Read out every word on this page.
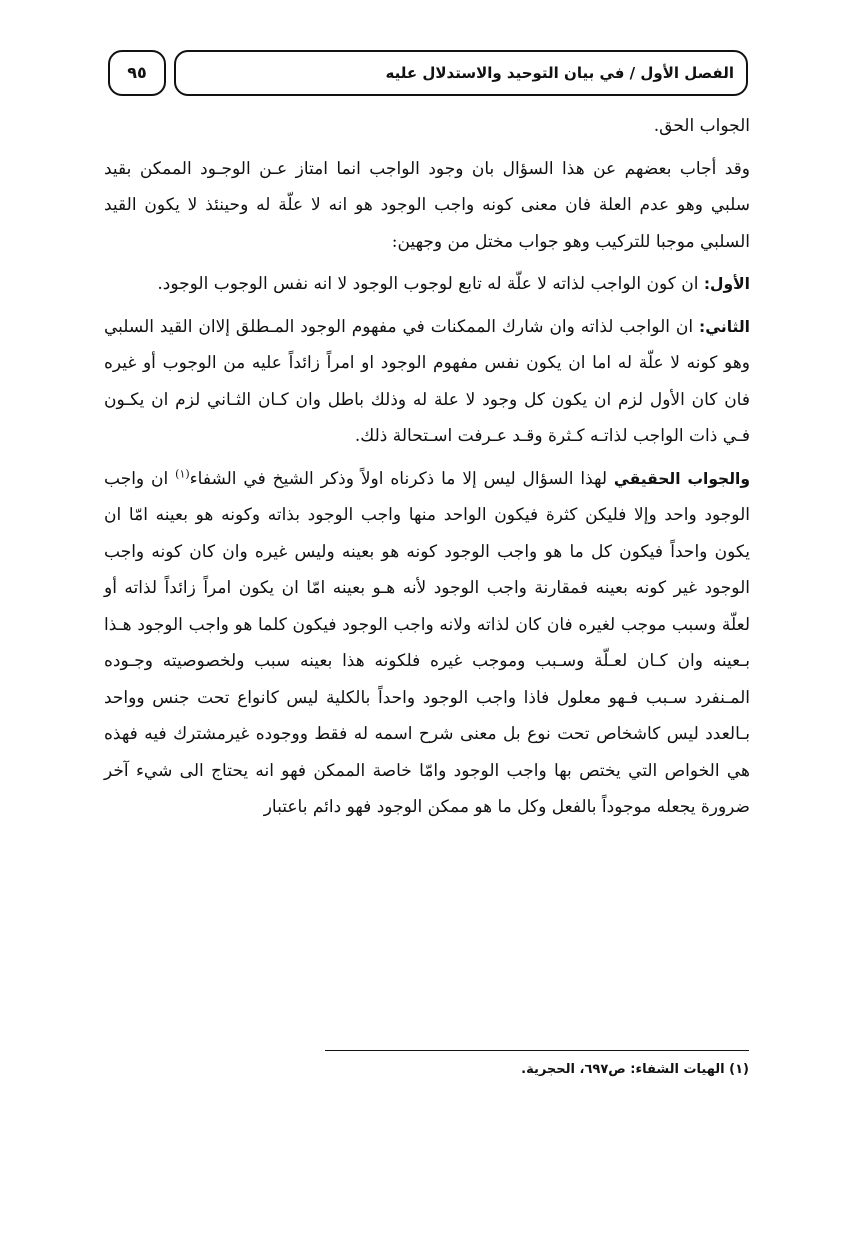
الفصل الأول / في بيان التوحيد والاستدلال عليه
٩٥

الجواب الحق.

وقد أجاب بعضهم عن هذا السؤال بان وجود الواجب انما امتاز عـن الوجـود الممكن بقيد سلبي وهو عدم العلة فان معنى كونه واجب الوجود هو انه لا علّة له وحينئذ لا يكون القيد السلبي موجبا للتركيب وهو جواب مختل من وجهين:

الأول: ان كون الواجب لذاته لا علّة له تابع لوجوب الوجود لا انه نفس الوجوب الوجود.

الثاني: ان الواجب لذاته وان شارك الممكنات في مفهوم الوجود المـطلق إلاان القيد السلبي وهو كونه لا علّة له اما ان يكون نفس مفهوم الوجود او امراً زائداً عليه من الوجوب أو غيره فان كان الأول لزم ان يكون كل وجود لا علة له وذلك باطل وان كـان الثـاني لزم ان يكـون فـي ذات الواجب لذاتـه كـثرة وقـد عـرفت اسـتحالة ذلك.

والجواب الحقيقي لهذا السؤال ليس إلا ما ذكرناه اولاً وذكر الشيخ في الشفاء$^{(١)}$ ان واجب الوجود واحد وإلا فليكن كثرة فيكون الواحد منها واجب الوجود بذاته وكونه هو بعينه امّا ان يكون واحداً فيكون كل ما هو واجب الوجود كونه هو بعينه وليس غيره وان كان كونه واجب الوجود غير كونه بعينه فمقارنة واجب الوجود لأنه هـو بعينه امّا ان يكون امراً زائداً لذاته أو لعلّة وسبب موجب لغيره فان كان لذاته ولانه واجب الوجود فيكون كلما هو واجب الوجود هـذا بـعينه وان كـان لعـلّة وسـبب وموجب غيره فلكونه هذا بعينه سبب ولخصوصيته وجـوده المـنفرد سـبب فـهو معلول فاذا واجب الوجود واحداً بالكلية ليس كانواع تحت جنس وواحد بـالعدد ليس كاشخاص تحت نوع بل معنى شرح اسمه له فقط ووجوده غيرمشترك فيه فهذه هي الخواص التي يختص بها واجب الوجود وامّا خاصة الممكن فهو انه يحتاج الى شيء آخر ضرورة يجعله موجوداً بالفعل وكل ما هو ممكن الوجود فهو دائم باعتبار

(١) الهيات الشفاء: ص٦٩٧، الحجرية.
